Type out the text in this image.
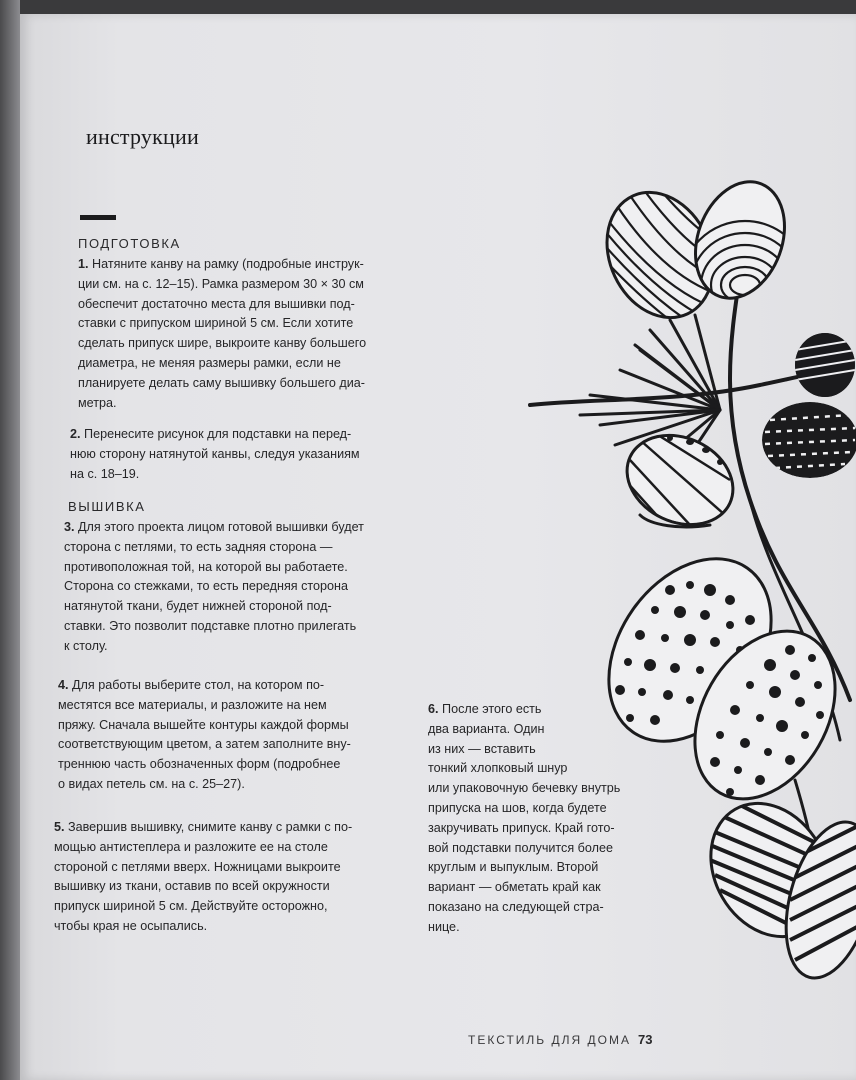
инструкции
ПОДГОТОВКА

1. Натяните канву на рамку (подробные инструк-
ции см. на с. 12–15). Рамка размером 30 × 30 см
обеспечит достаточно места для вышивки под-
ставки с припуском шириной 5 см. Если хотите
сделать припуск шире, выкроите канву большего
диаметра, не меняя размеры рамки, если не
планируете делать саму вышивку большего диа-
метра.

2. Перенесите рисунок для подставки на перед-
нюю сторону натянутой канвы, следуя указаниям
на с. 18–19.

ВЫШИВКА

3. Для этого проекта лицом готовой вышивки будет
сторона с петлями, то есть задняя сторона —
противоположная той, на которой вы работаете.
Сторона со стежками, то есть передняя сторона
натянутой ткани, будет нижней стороной под-
ставки. Это позволит подставке плотно прилегать
к столу.

4. Для работы выберите стол, на котором по-
местятся все материалы, и разложите на нем
пряжу. Сначала вышейте контуры каждой формы
соответствующим цветом, а затем заполните вну-
треннюю часть обозначенных форм (подробнее
о видах петель см. на с. 25–27).

5. Завершив вышивку, снимите канву с рамки с по-
мощью антистеплера и разложите ее на столе
стороной с петлями вверх. Ножницами выкроите
вышивку из ткани, оставив по всей окружности
припуск шириной 5 см. Действуйте осторожно,
чтобы края не осыпались.

6. После этого есть
два варианта. Один
из них — вставить
тонкий хлопковый шнур
или упаковочную бечевку внутрь
припуска на шов, когда будете
закручивать припуск. Край гото-
вой подставки получится более
круглым и выпуклым. Второй
вариант — обметать край как
показано на следующей стра-
нице.

ТЕКСТИЛЬ ДЛЯ ДОМА 73
